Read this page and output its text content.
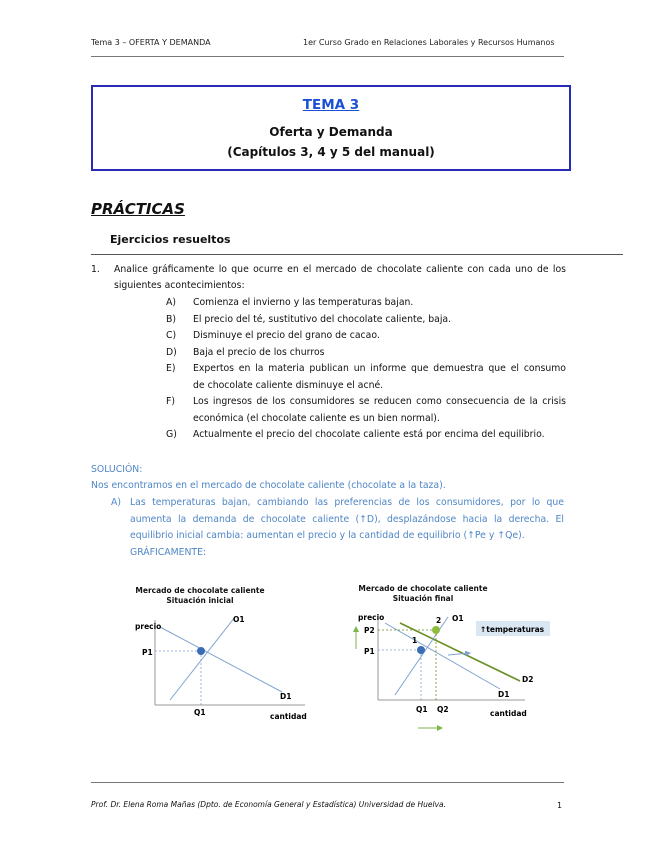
Tema 3 – OFERTA Y DEMANDA	1er Curso Grado en Relaciones Laborales y Recursos Humanos
TEMA 3
Oferta y Demanda
(Capítulos 3, 4 y 5 del manual)
PRÁCTICAS
Ejercicios resueltos
1. Analice gráficamente lo que ocurre en el mercado de chocolate caliente con cada uno de los
siguientes acontecimientos:
A) Comienza el invierno y las temperaturas bajan.
B) El precio del té, sustitutivo del chocolate caliente, baja.
C) Disminuye el precio del grano de cacao.
D) Baja el precio de los churros
E) Expertos en la materia publican un informe que demuestra que el consumo
de chocolate caliente disminuye el acné.
F) Los ingresos de los consumidores se reducen como consecuencia de la crisis
económica (el chocolate caliente es un bien normal).
G) Actualmente el precio del chocolate caliente está por encima del equilibrio.
SOLUCIÓN:
Nos encontramos en el mercado de chocolate caliente (chocolate a la taza).
A) Las temperaturas bajan, cambiando las preferencias de los consumidores, por lo que
aumenta la demanda de chocolate caliente (↑D), desplazándose hacia la derecha. El
equilibrio inicial cambia: aumentan el precio y la cantidad de equilibrio (↑Pe y ↑Qe).
GRÁFICAMENTE:
Mercado de chocolate caliente
Situación inicial
precio
P1
O1
D1
Q1	cantidad
Mercado de chocolate caliente
Situación final
↑temperaturas
precio
P2
P1
1
2 O1
D1
D2
Q1 Q2	cantidad
Prof. Dr. Elena Roma Mañas (Dpto. de Economía General y Estadística) Universidad de Huelva.	1
